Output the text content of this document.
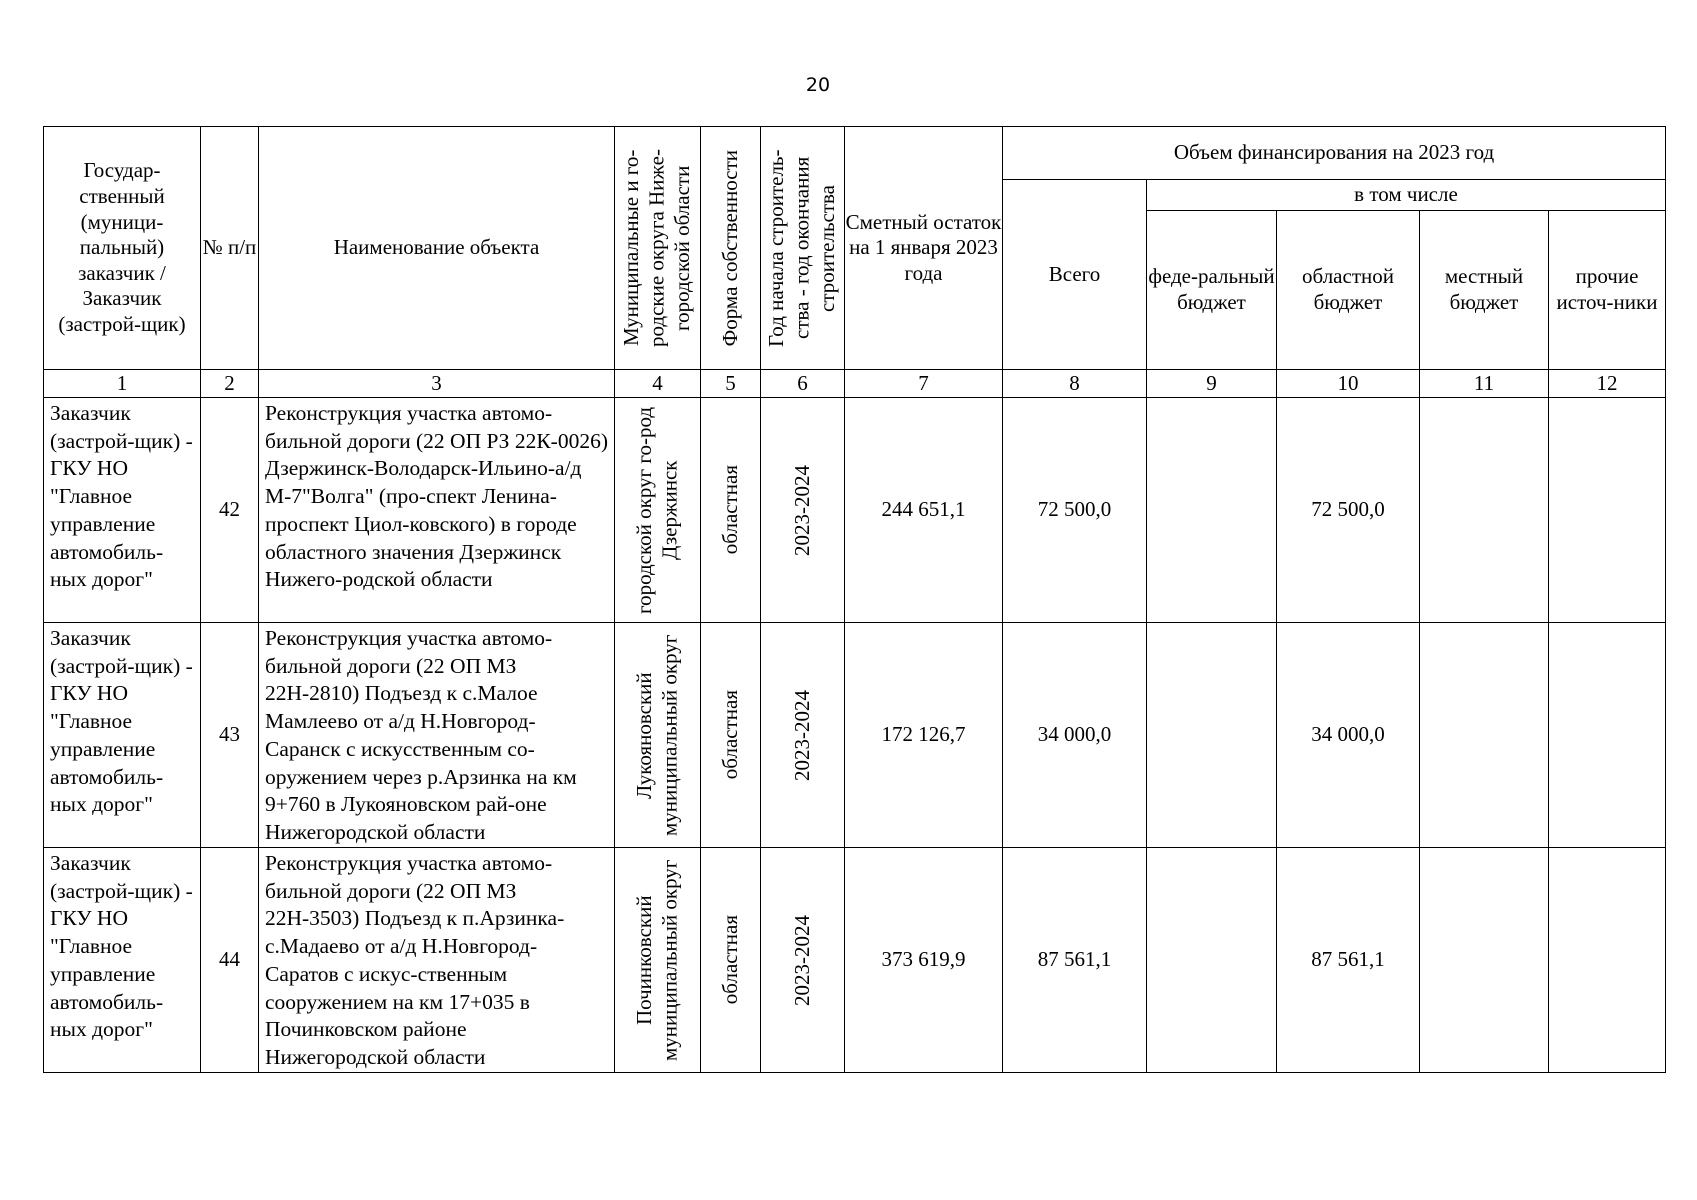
20
Государ-ственный (муници-пальный) заказчик / Заказчик (застрой-щик)	№ п/п	Наименование объекта	Муниципальные и го-родские округа Ниже-городской области	Форма собственности	Год начала строитель-ства - год окончания строительства	Сметный остаток на 1 января 2023 года	Объем финансирования на 2023 год				
							Всего	в том числе			
								феде-ральный бюджет	областной бюджет	местный бюджет	прочие источ-ники
1	2	3	4	5	6	7	8	9	10	11	12
Заказчик (застрой-щик) - ГКУ НО "Главное управление автомобиль-ных дорог"	42	Реконструкция участка автомо-бильной дороги (22 ОП РЗ 22К-0026) Дзержинск-Володарск-Ильино-а/д М-7"Волга" (про-спект Ленина-проспект Циол-ковского) в городе областного значения Дзержинск Нижего-родской области	городской округ го-род Дзержинск	областная	2023-2024	244 651,1	72 500,0		72 500,0		
Заказчик (застрой-щик) - ГКУ НО "Главное управление автомобиль-ных дорог"	43	Реконструкция участка автомо-бильной дороги (22 ОП МЗ 22Н-2810) Подъезд к с.Малое Мамлеево от а/д Н.Новгород-Саранск с искусственным со-оружением через р.Арзинка на км 9+760 в Лукояновском рай-оне Нижегородской области	Лукояновский муниципальный округ	областная	2023-2024	172 126,7	34 000,0		34 000,0		
Заказчик (застрой-щик) - ГКУ НО "Главное управление автомобиль-ных дорог"	44	Реконструкция участка автомо-бильной дороги (22 ОП МЗ 22Н-3503) Подъезд к п.Арзинка-с.Мадаево от а/д Н.Новгород-Саратов с искус-ственным сооружением на км 17+035 в Починковском районе Нижегородской области	Починковский муниципальный округ	областная	2023-2024	373 619,9	87 561,1		87 561,1		
